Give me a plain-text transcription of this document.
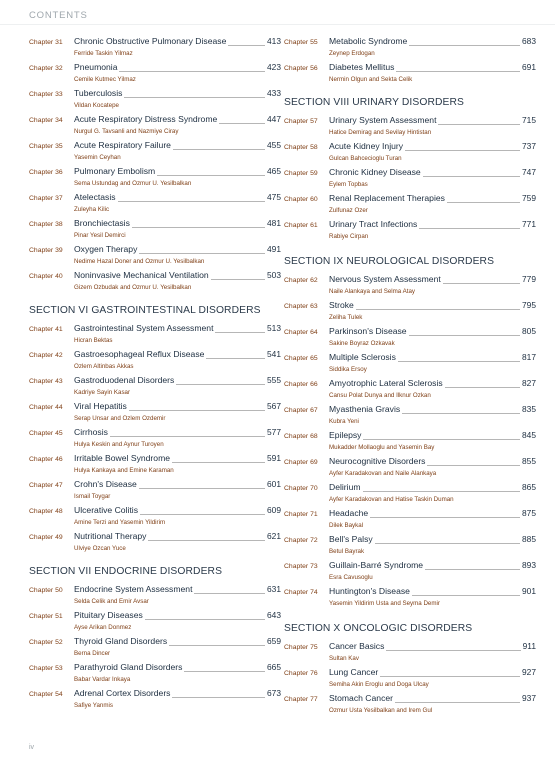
CONTENTS
Chapter 31	Chronic Obstructive Pulmonary Disease	413
Ferride Taskin Yilmaz
Chapter 32	Pneumonia	423
Cemile Kutmec Yilmaz
Chapter 33	Tuberculosis	433
Vildan Kocatepe
Chapter 34	Acute Respiratory Distress Syndrome	447
Nurgul G. Tavsanli and Nazmiye Ciray
Chapter 35	Acute Respiratory Failure	455
Yasemin Ceyhan
Chapter 36	Pulmonary Embolism	465
Sema Ustundag and Ozmur U. Yesilbalkan
Chapter 37	Atelectasis	475
Zuleyha Kilic
Chapter 38	Bronchiectasis	481
Pinar Yesil Demirci
Chapter 39	Oxygen Therapy	491
Nedime Hazal Doner and Ozmur U. Yesilbalkan
Chapter 40	Noninvasive Mechanical Ventilation	503
Gizem Ozbudak and Ozmur U. Yesilbalkan
SECTION VI GASTROINTESTINAL DISORDERS
Chapter 41	Gastrointestinal System Assessment	513
Hicran Bektas
Chapter 42	Gastroesophageal Reflux Disease	541
Ozlem Altinbas Akkas
Chapter 43	Gastroduodenal Disorders	555
Kadriye Sayin Kasar
Chapter 44	Viral Hepatitis	567
Serap Unsar and Ozlem Ozdemir
Chapter 45	Cirrhosis	577
Hulya Keskin and Aynur Turoyen
Chapter 46	Irritable Bowel Syndrome	591
Hulya Kankaya and Emine Karaman
Chapter 47	Crohn's Disease	601
Ismail Toygar
Chapter 48	Ulcerative Colitis	609
Amine Terzi and Yasemin Yildirim
Chapter 49	Nutritional Therapy	621
Ulviye Ozcan Yuce
SECTION VII ENDOCRINE DISORDERS
Chapter 50	Endocrine System Assessment	631
Selda Celik and Emir Avsar
Chapter 51	Pituitary Diseases	643
Ayse Arikan Donmez
Chapter 52	Thyroid Gland Disorders	659
Berna Dincer
Chapter 53	Parathyroid Gland Disorders	665
Babar Vardar Inkaya
Chapter 54	Adrenal Cortex Disorders	673
Safiye Yanmis
Chapter 55	Metabolic Syndrome	683
Zeynep Erdogan
Chapter 56	Diabetes Mellitus	691
Nermin Olgun and Sekta Celik
SECTION VIII URINARY DISORDERS
Chapter 57	Urinary System Assessment	715
Hatice Demirag and Sevilay Hintistan
Chapter 58	Acute Kidney Injury	737
Gulcan Bahcecioglu Turan
Chapter 59	Chronic Kidney Disease	747
Eylem Topbas
Chapter 60	Renal Replacement Therapies	759
Zulfunaz Ozer
Chapter 61	Urinary Tract Infections	771
Rabiye Cirpan
SECTION IX NEUROLOGICAL DISORDERS
Chapter 62	Nervous System Assessment	779
Naile Alankaya and Selma Atay
Chapter 63	Stroke	795
Zeliha Tulek
Chapter 64	Parkinson's Disease	805
Sakine Boyraz Ozkavak
Chapter 65	Multiple Sclerosis	817
Siddika Ersoy
Chapter 66	Amyotrophic Lateral Sclerosis	827
Cansu Polat Dunya and Ilknur Ozkan
Chapter 67	Myasthenia Gravis	835
Kubra Yeni
Chapter 68	Epilepsy	845
Mukadder Mollaoglu and Yasemin Bay
Chapter 69	Neurocognitive Disorders	855
Ayfer Karadakovan and Naile Alankaya
Chapter 70	Delirium	865
Ayfer Karadakovan and Hatise Taskin Duman
Chapter 71	Headache	875
Dilek Baykal
Chapter 72	Bell's Palsy	885
Betul Bayrak
Chapter 73	Guillain-Barré Syndrome	893
Esra Cavusoglu
Chapter 74	Huntington's Disease	901
Yasemin Yildirim Usta and Seyma Demir
SECTION X ONCOLOGIC DISORDERS
Chapter 75	Cancer Basics	911
Sultan Kav
Chapter 76	Lung Cancer	927
Semiha Akin Eroglu and Doga Ulcay
Chapter 77	Stomach Cancer	937
Ozmur Usta Yesilbalkan and Irem Gul
iv
